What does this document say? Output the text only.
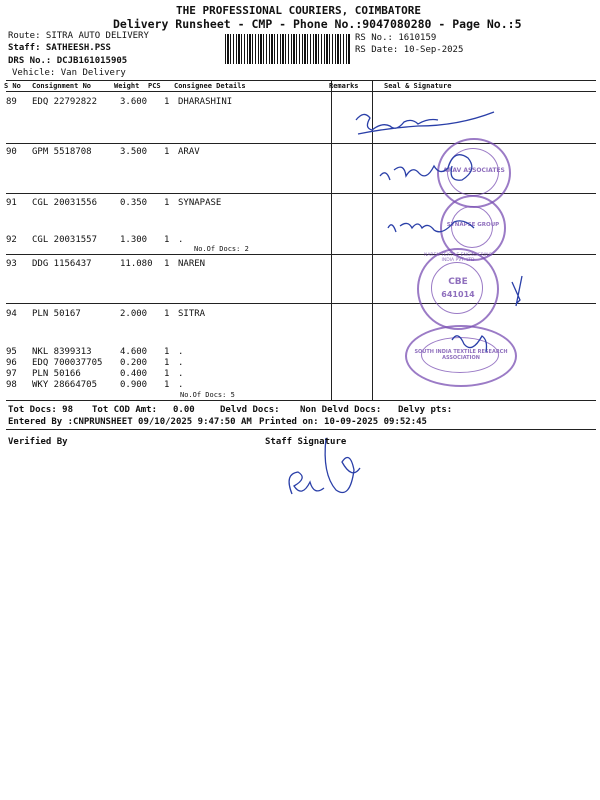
THE PROFESSIONAL COURIERS, COIMBATORE
Delivery Runsheet - CMP - Phone No.:9047080280 - Page No.:5
Route: SITRA AUTO DELIVERY
Staff: SATHEESH.PSS
DRS No.: DCJB161015905
Vehicle: Van Delivery
RS No.: 1610159
RS Date: 10-Sep-2025
S No Consignment No	Weight PCS Consignee Details	Remarks	Seal & Signature
89 EDQ 22792822	3.600 1 DHARASHINI
90 GPM 5518708	3.500 1 ARAV
91 CGL 20031556	0.350 1 SYNAPASE
92 CGL 20031557	1.300 1 .
No.Of Docs: 2
93 DDG 1156437	11.080 1 NAREN
94 PLN 50167	2.000 1 SITRA
95 NKL 8399313	4.600 1 .
96 EDQ 700037705 0.200 1 .
97 PLN 50166	0.400 1 .
98 WKY 28664705	0.900 1 .
No.Of Docs: 5
ARAV ASSOCIATES
SYNAPSE GROUP
NAREN TEXTILE ENGINEERING INDIA PVT. LTD
CBE
641014
SOUTH INDIA TEXTILE RESEARCH ASSOCIATION
Tot Docs: 98 Tot COD Amt: 0.00	Delvd Docs: Non Delvd Docs: Delvy pts:
Entered By :CNPRUNSHEET 09/10/2025 9:47:50 AM Printed on: 10-09-2025 09:52:45
Verified By	Staff Signature
